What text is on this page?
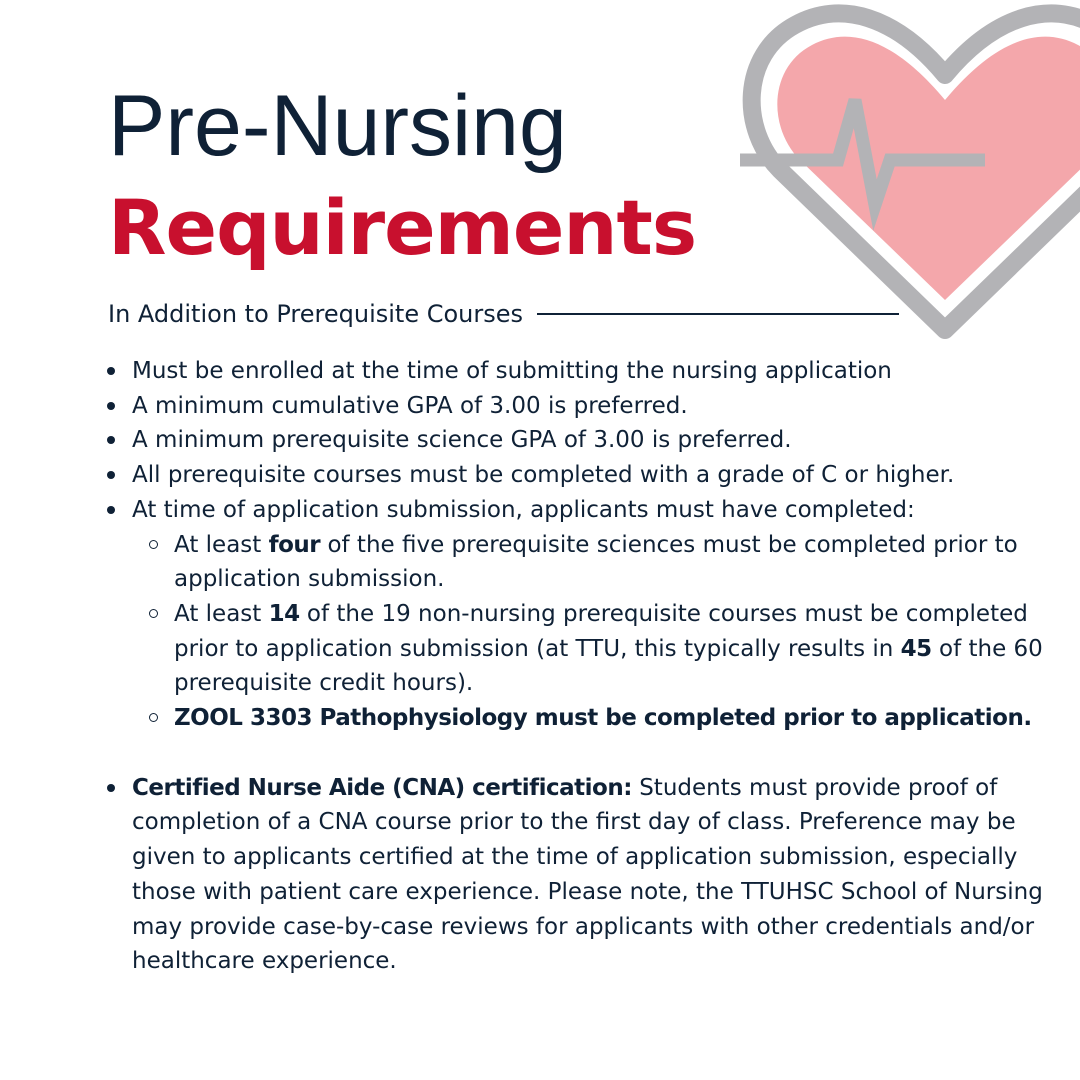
Pre-Nursing
Requirements
In Addition to Prerequisite Courses
Must be enrolled at the time of submitting the nursing application
A minimum cumulative GPA of 3.00 is preferred.
A minimum prerequisite science GPA of 3.00 is preferred.
All prerequisite courses must be completed with a grade of C or higher.
At time of application submission, applicants must have completed:
At least four of the five prerequisite sciences must be completed prior to application submission.
At least 14 of the 19 non-nursing prerequisite courses must be completed prior to application submission (at TTU, this typically results in 45 of the 60 prerequisite credit hours).
ZOOL 3303 Pathophysiology must be completed prior to application.
Certified Nurse Aide (CNA) certification: Students must provide proof of completion of a CNA course prior to the first day of class. Preference may be given to applicants certified at the time of application submission, especially those with patient care experience. Please note, the TTUHSC School of Nursing may provide case-by-case reviews for applicants with other credentials and/or healthcare experience.
